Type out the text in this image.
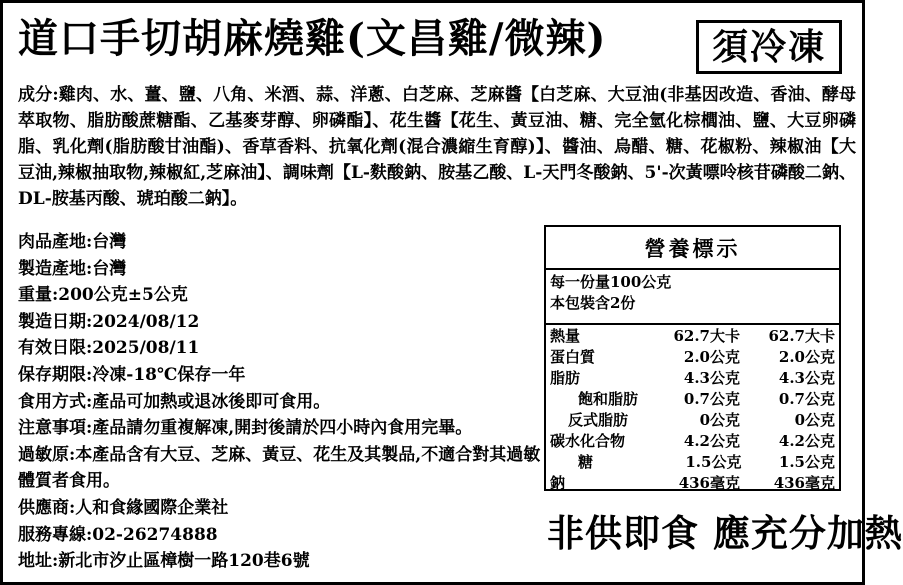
道口手切胡麻燒雞(文昌雞/微辣)	須冷凍
成分:雞肉、水、薑、鹽、八角、米酒、蒜、洋蔥、白芝麻、芝麻醬【白芝麻、大豆油(非基因改造、香油、酵母萃取物、脂肪酸蔗糖酯、乙基麥芽醇、卵磷酯】、花生醬【花生、黃豆油、糖、完全氫化棕櫚油、鹽、大豆卵磷脂、乳化劑(脂肪酸甘油酯)、香草香料、抗氧化劑(混合濃縮生育醇)】、醬油、烏醋、糖、花椒粉、辣椒油【大豆油,辣椒抽取物,辣椒紅,芝麻油】、調味劑【L-麩酸鈉、胺基乙酸、L-天門冬酸鈉、5'-次黃嘌呤核苷磷酸二鈉、DL-胺基丙酸、琥珀酸二鈉】。
肉品產地:台灣
製造產地:台灣
重量:200公克±5公克
製造日期:2024/08/12
有效日限:2025/08/11
保存期限:冷凍-18℃保存一年
食用方式:產品可加熱或退冰後即可食用。
注意事項:產品請勿重複解凍,開封後請於四小時內食用完畢。
過敏原:本產品含有大豆、芝麻、黃豆、花生及其製品,不適合對其過敏體質者食用。
供應商:人和食緣國際企業社
服務專線:02-26274888
地址:新北市汐止區樟樹一路120巷6號
營養標示
每一份量100公克
本包裝含2份
熱量	62.7大卡	62.7大卡
蛋白質	2.0公克	2.0公克
脂肪	4.3公克	4.3公克
飽和脂肪	0.7公克	0.7公克
反式脂肪	0公克	0公克
碳水化合物	4.2公克	4.2公克
糖	1.5公克	1.5公克
鈉	436毫克	436毫克
非供即食 應充分加熱
